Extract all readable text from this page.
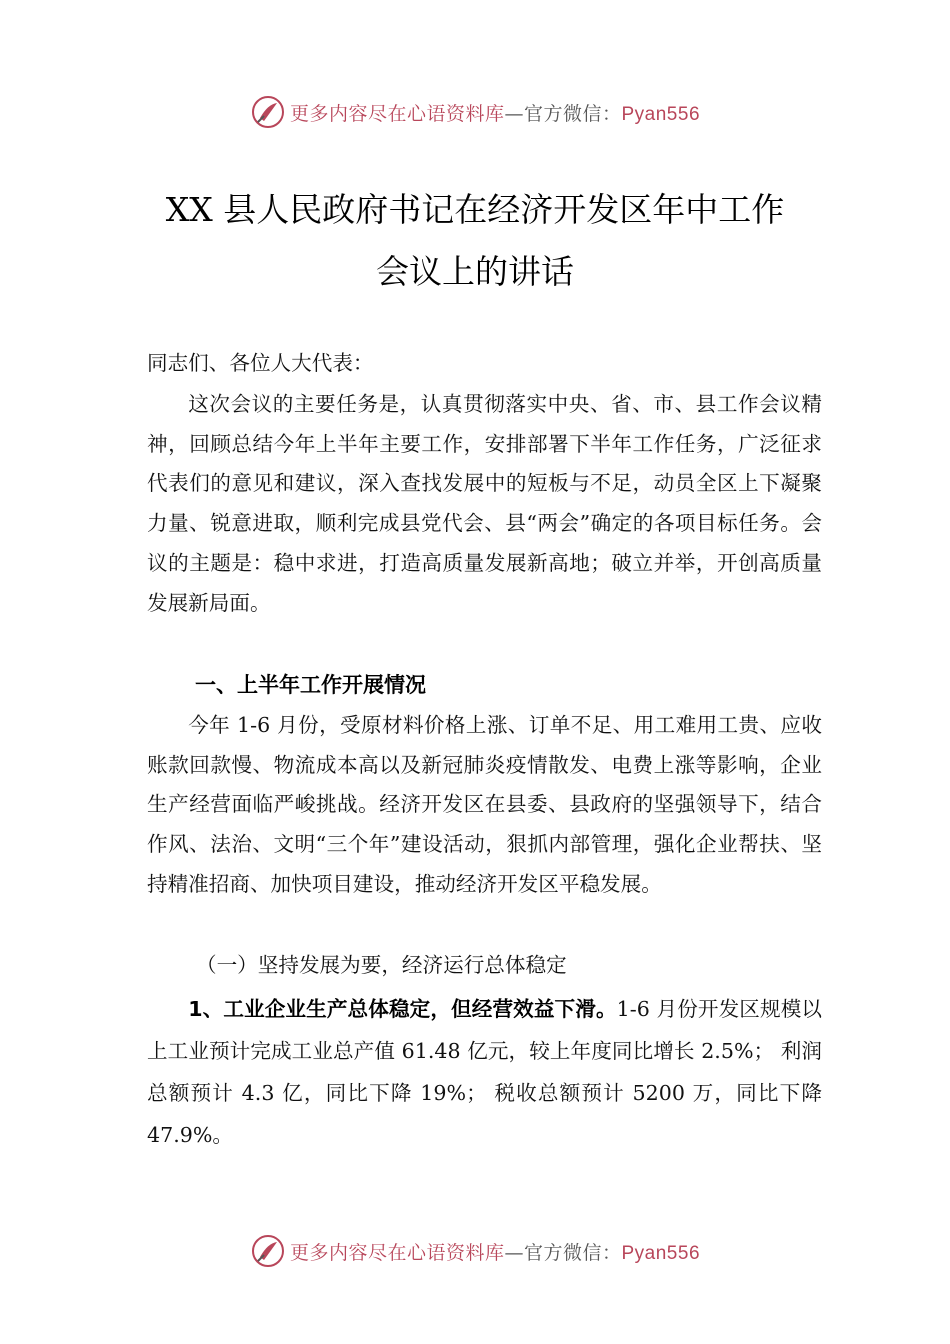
更多内容尽在心语资料库—官方微信：Pyan556
XX 县人民政府书记在经济开发区年中工作
会议上的讲话

同志们、各位人大代表：

这次会议的主要任务是，认真贯彻落实中央、省、市、县工作会议精神，回顾总结今年上半年主要工作，安排部署下半年工作任务，广泛征求代表们的意见和建议，深入查找发展中的短板与不足，动员全区上下凝聚力量、锐意进取，顺利完成县党代会、县“两会”确定的各项目标任务。会议的主题是：稳中求进，打造高质量发展新高地；破立并举，开创高质量发展新局面。

一、上半年工作开展情况

今年 1-6 月份，受原材料价格上涨、订单不足、用工难用工贵、应收账款回款慢、物流成本高以及新冠肺炎疫情散发、电费上涨等影响，企业生产经营面临严峻挑战。经济开发区在县委、县政府的坚强领导下，结合作风、法治、文明“三个年”建设活动，狠抓内部管理，强化企业帮扶、坚持精准招商、加快项目建设，推动经济开发区平稳发展。

（一）坚持发展为要，经济运行总体稳定

1、工业企业生产总体稳定，但经营效益下滑。1-6 月份开发区规模以上工业预计完成工业总产值 61.48 亿元，较上年度同比增长 2.5%； 利润总额预计 4.3 亿，同比下降 19%； 税收总额预计 5200 万，同比下降 47.9%。

更多内容尽在心语资料库—官方微信：Pyan556
